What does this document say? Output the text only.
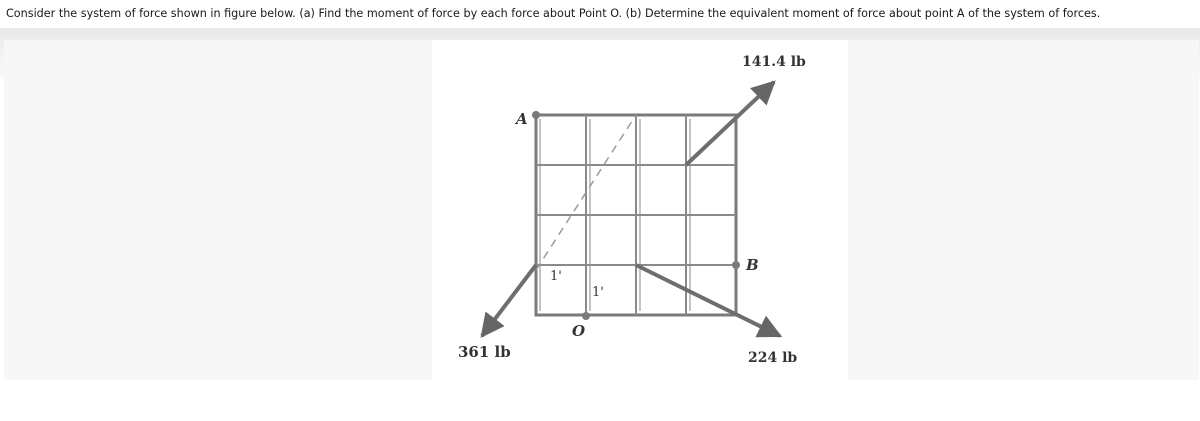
Consider the system of force shown in figure below. (a) Find the moment of force by each force about Point O. (b) Determine the equivalent moment of force about point A of the system of forces.
141.4 lb
361 lb	224 lb
A
B
O
1'
1'
